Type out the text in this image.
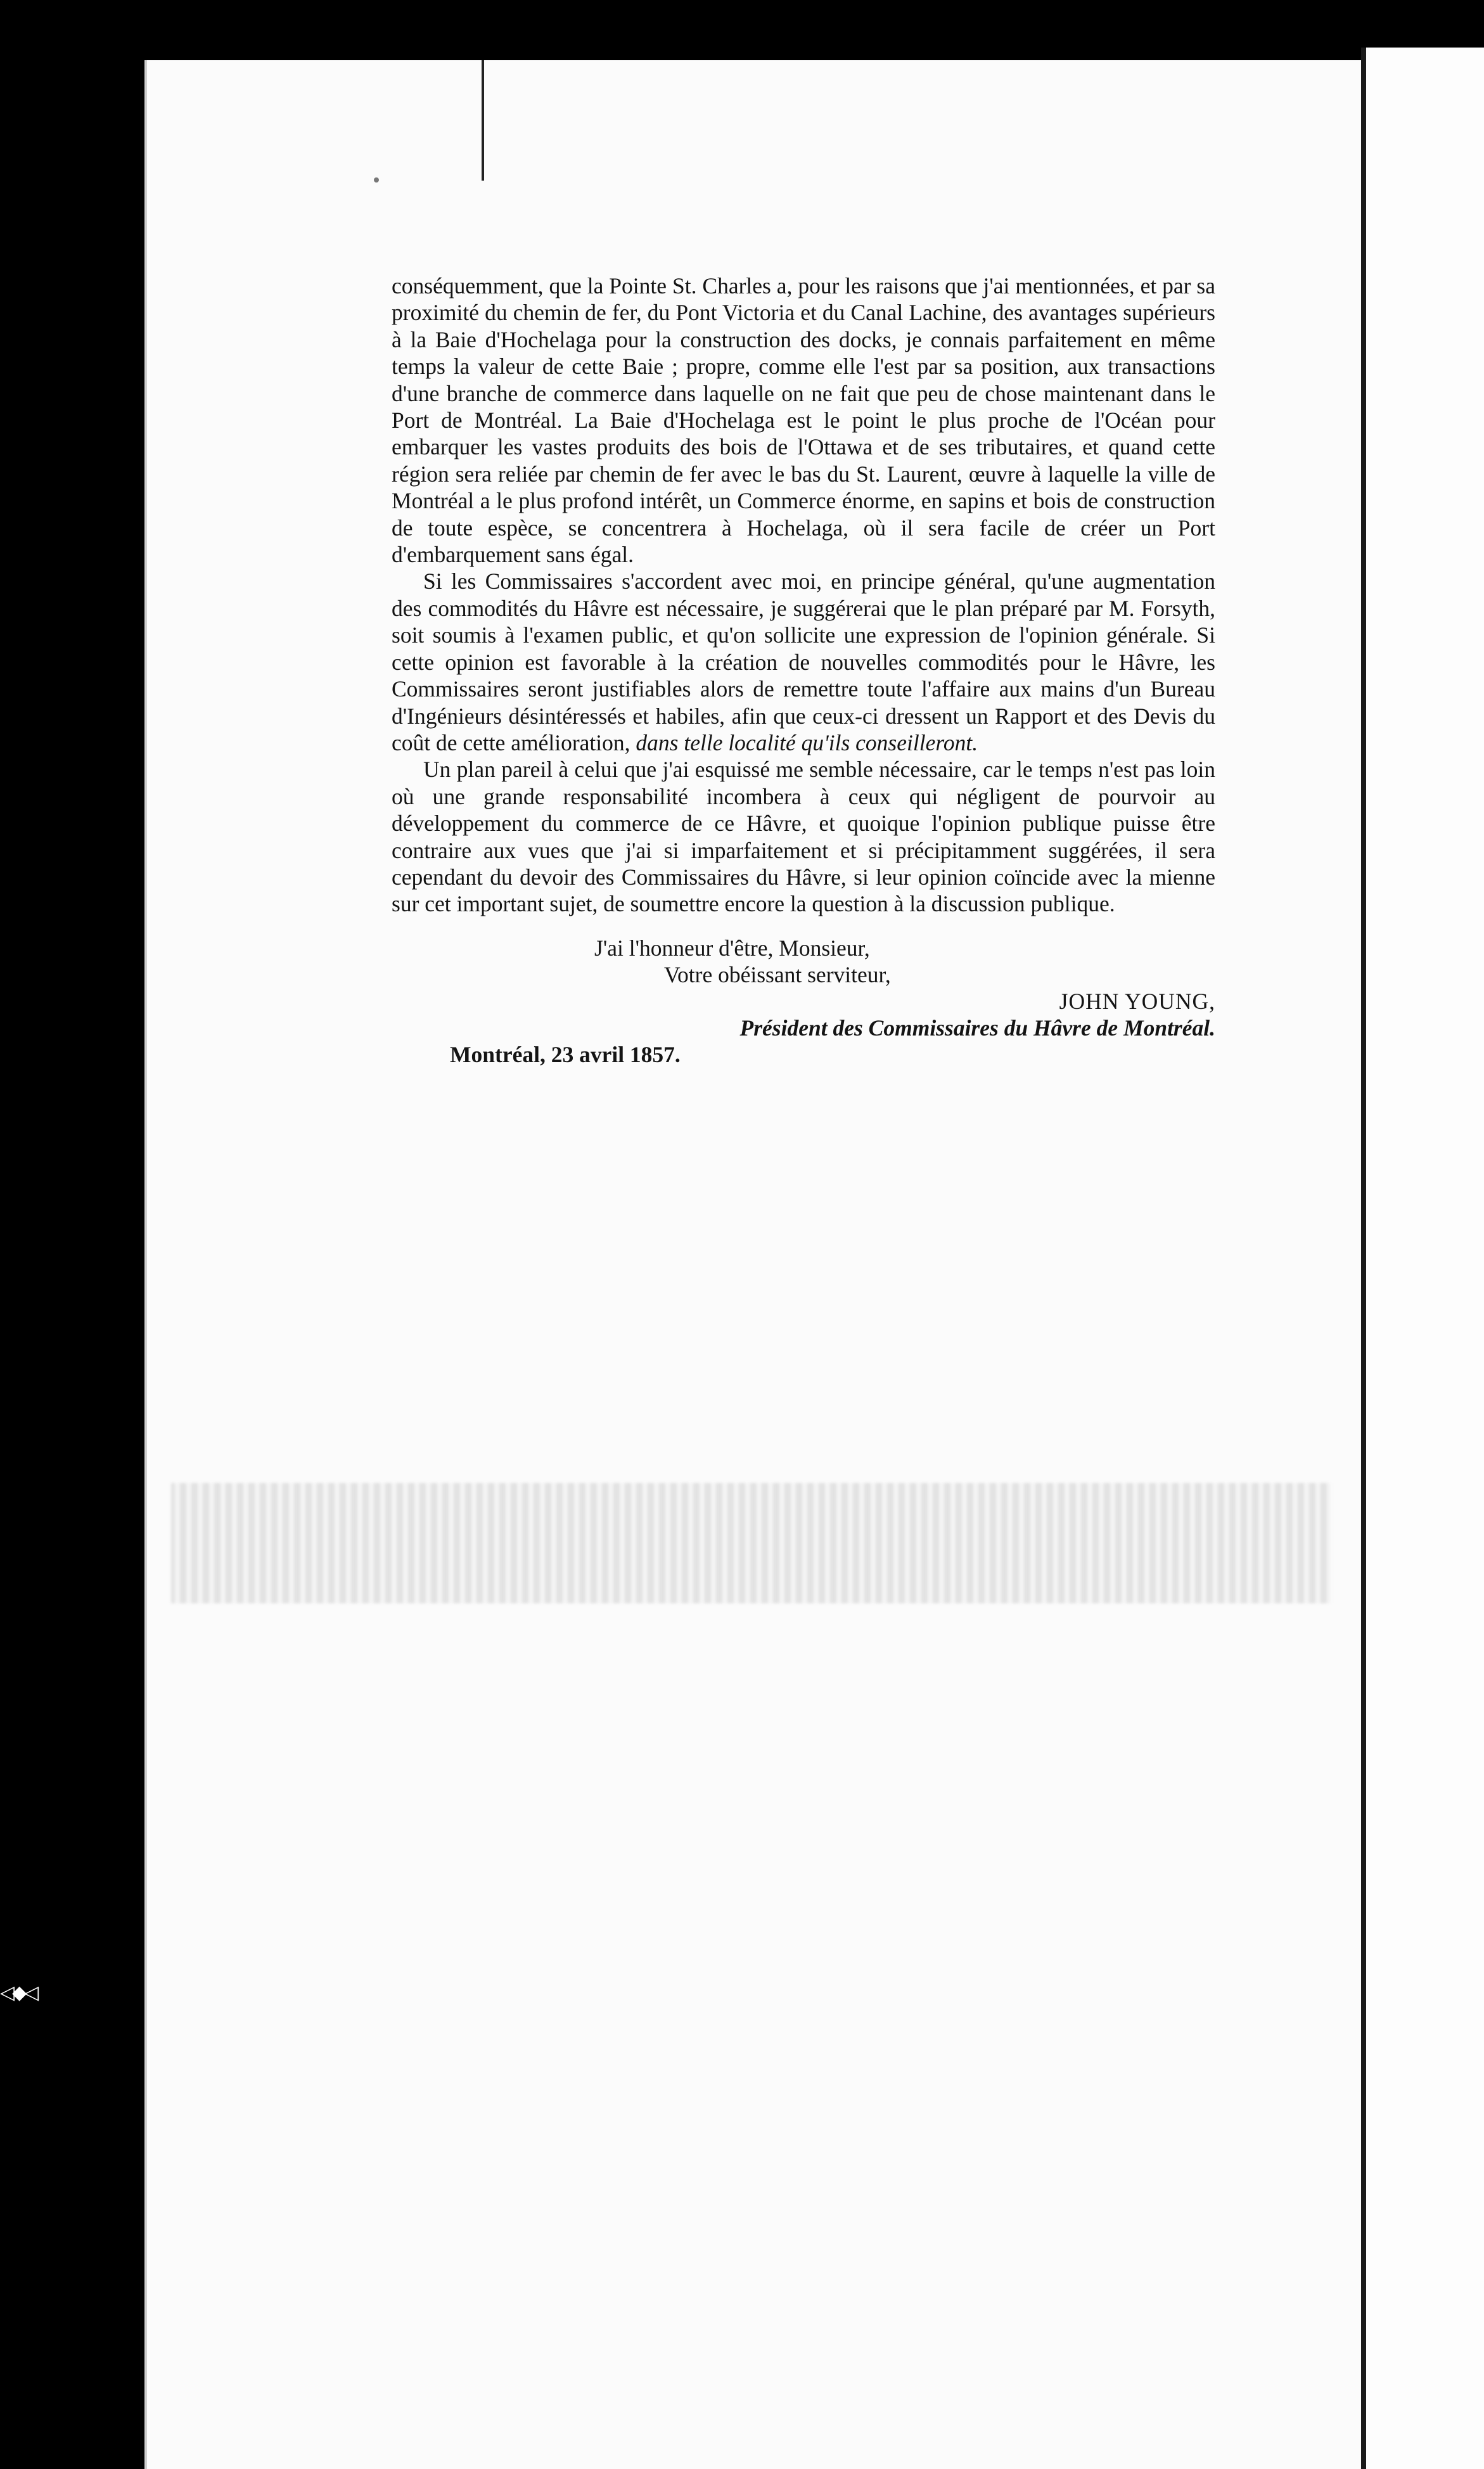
◁◆◁

conséquemment, que la Pointe St. Charles a, pour les raisons que j'ai mentionnées, et par sa proximité du chemin de fer, du Pont Victoria et du Canal Lachine, des avantages supérieurs à la Baie d'Hochelaga pour la construction des docks, je connais parfaitement en même temps la valeur de cette Baie ; propre, comme elle l'est par sa position, aux transactions d'une branche de commerce dans laquelle on ne fait que peu de chose maintenant dans le Port de Montréal. La Baie d'Hochelaga est le point le plus proche de l'Océan pour embarquer les vastes produits des bois de l'Ottawa et de ses tributaires, et quand cette région sera reliée par chemin de fer avec le bas du St. Laurent, œuvre à laquelle la ville de Montréal a le plus profond intérêt, un Commerce énorme, en sapins et bois de construction de toute espèce, se concentrera à Hochelaga, où il sera facile de créer un Port d'embarquement sans égal.

Si les Commissaires s'accordent avec moi, en principe général, qu'une augmentation des commodités du Hâvre est nécessaire, je suggérerai que le plan préparé par M. Forsyth, soit soumis à l'examen public, et qu'on sollicite une expression de l'opinion générale. Si cette opinion est favorable à la création de nouvelles commodités pour le Hâvre, les Commissaires seront justifiables alors de remettre toute l'affaire aux mains d'un Bureau d'Ingénieurs désintéressés et habiles, afin que ceux-ci dressent un Rapport et des Devis du coût de cette amélioration, dans telle localité qu'ils conseilleront.

Un plan pareil à celui que j'ai esquissé me semble nécessaire, car le temps n'est pas loin où une grande responsabilité incombera à ceux qui négligent de pourvoir au développement du commerce de ce Hâvre, et quoique l'opinion publique puisse être contraire aux vues que j'ai si imparfaitement et si précipitamment suggérées, il sera cependant du devoir des Commissaires du Hâvre, si leur opinion coïncide avec la mienne sur cet important sujet, de soumettre encore la question à la discussion publique.

J'ai l'honneur d'être, Monsieur,
Votre obéissant serviteur,
JOHN YOUNG,
Président des Commissaires du Hâvre de Montréal.
Montréal, 23 avril 1857.
